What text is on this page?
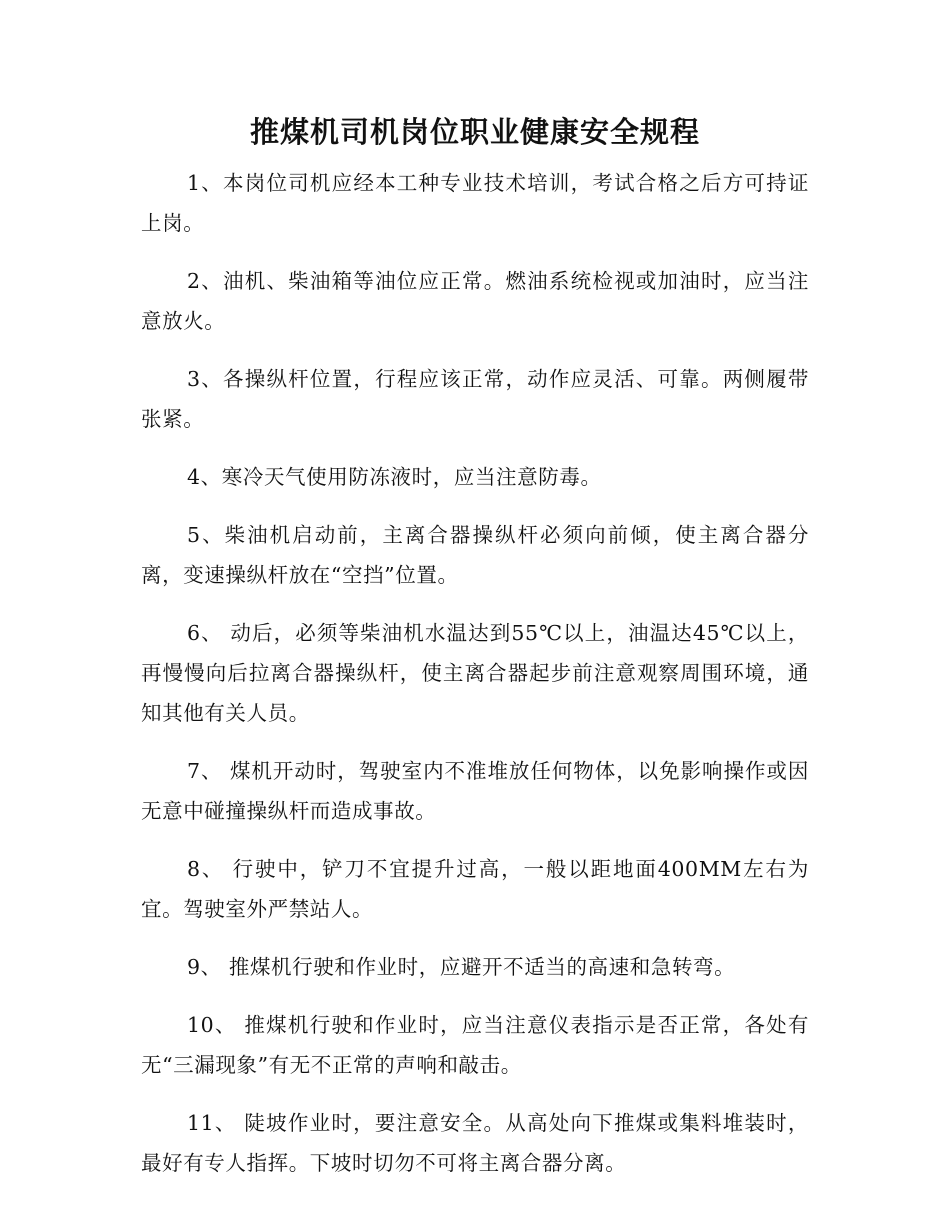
推煤机司机岗位职业健康安全规程

1、本岗位司机应经本工种专业技术培训，考试合格之后方可持证上岗。

2、油机、柴油箱等油位应正常。燃油系统检视或加油时，应当注意放火。

3、各操纵杆位置，行程应该正常，动作应灵活、可靠。两侧履带张紧。

4、寒冷天气使用防冻液时，应当注意防毒。

5、柴油机启动前，主离合器操纵杆必须向前倾，使主离合器分离，变速操纵杆放在“空挡”位置。

6、 动后，必须等柴油机水温达到55℃以上，油温达45℃以上，再慢慢向后拉离合器操纵杆，使主离合器起步前注意观察周围环境，通知其他有关人员。

7、 煤机开动时，驾驶室内不准堆放任何物体，以免影响操作或因无意中碰撞操纵杆而造成事故。

8、 行驶中，铲刀不宜提升过高，一般以距地面400MM左右为宜。驾驶室外严禁站人。

9、 推煤机行驶和作业时，应避开不适当的高速和急转弯。

10、 推煤机行驶和作业时，应当注意仪表指示是否正常，各处有无“三漏现象”有无不正常的声响和敲击。

11、 陡坡作业时，要注意安全。从高处向下推煤或集料堆装时，最好有专人指挥。下坡时切勿不可将主离合器分离。
